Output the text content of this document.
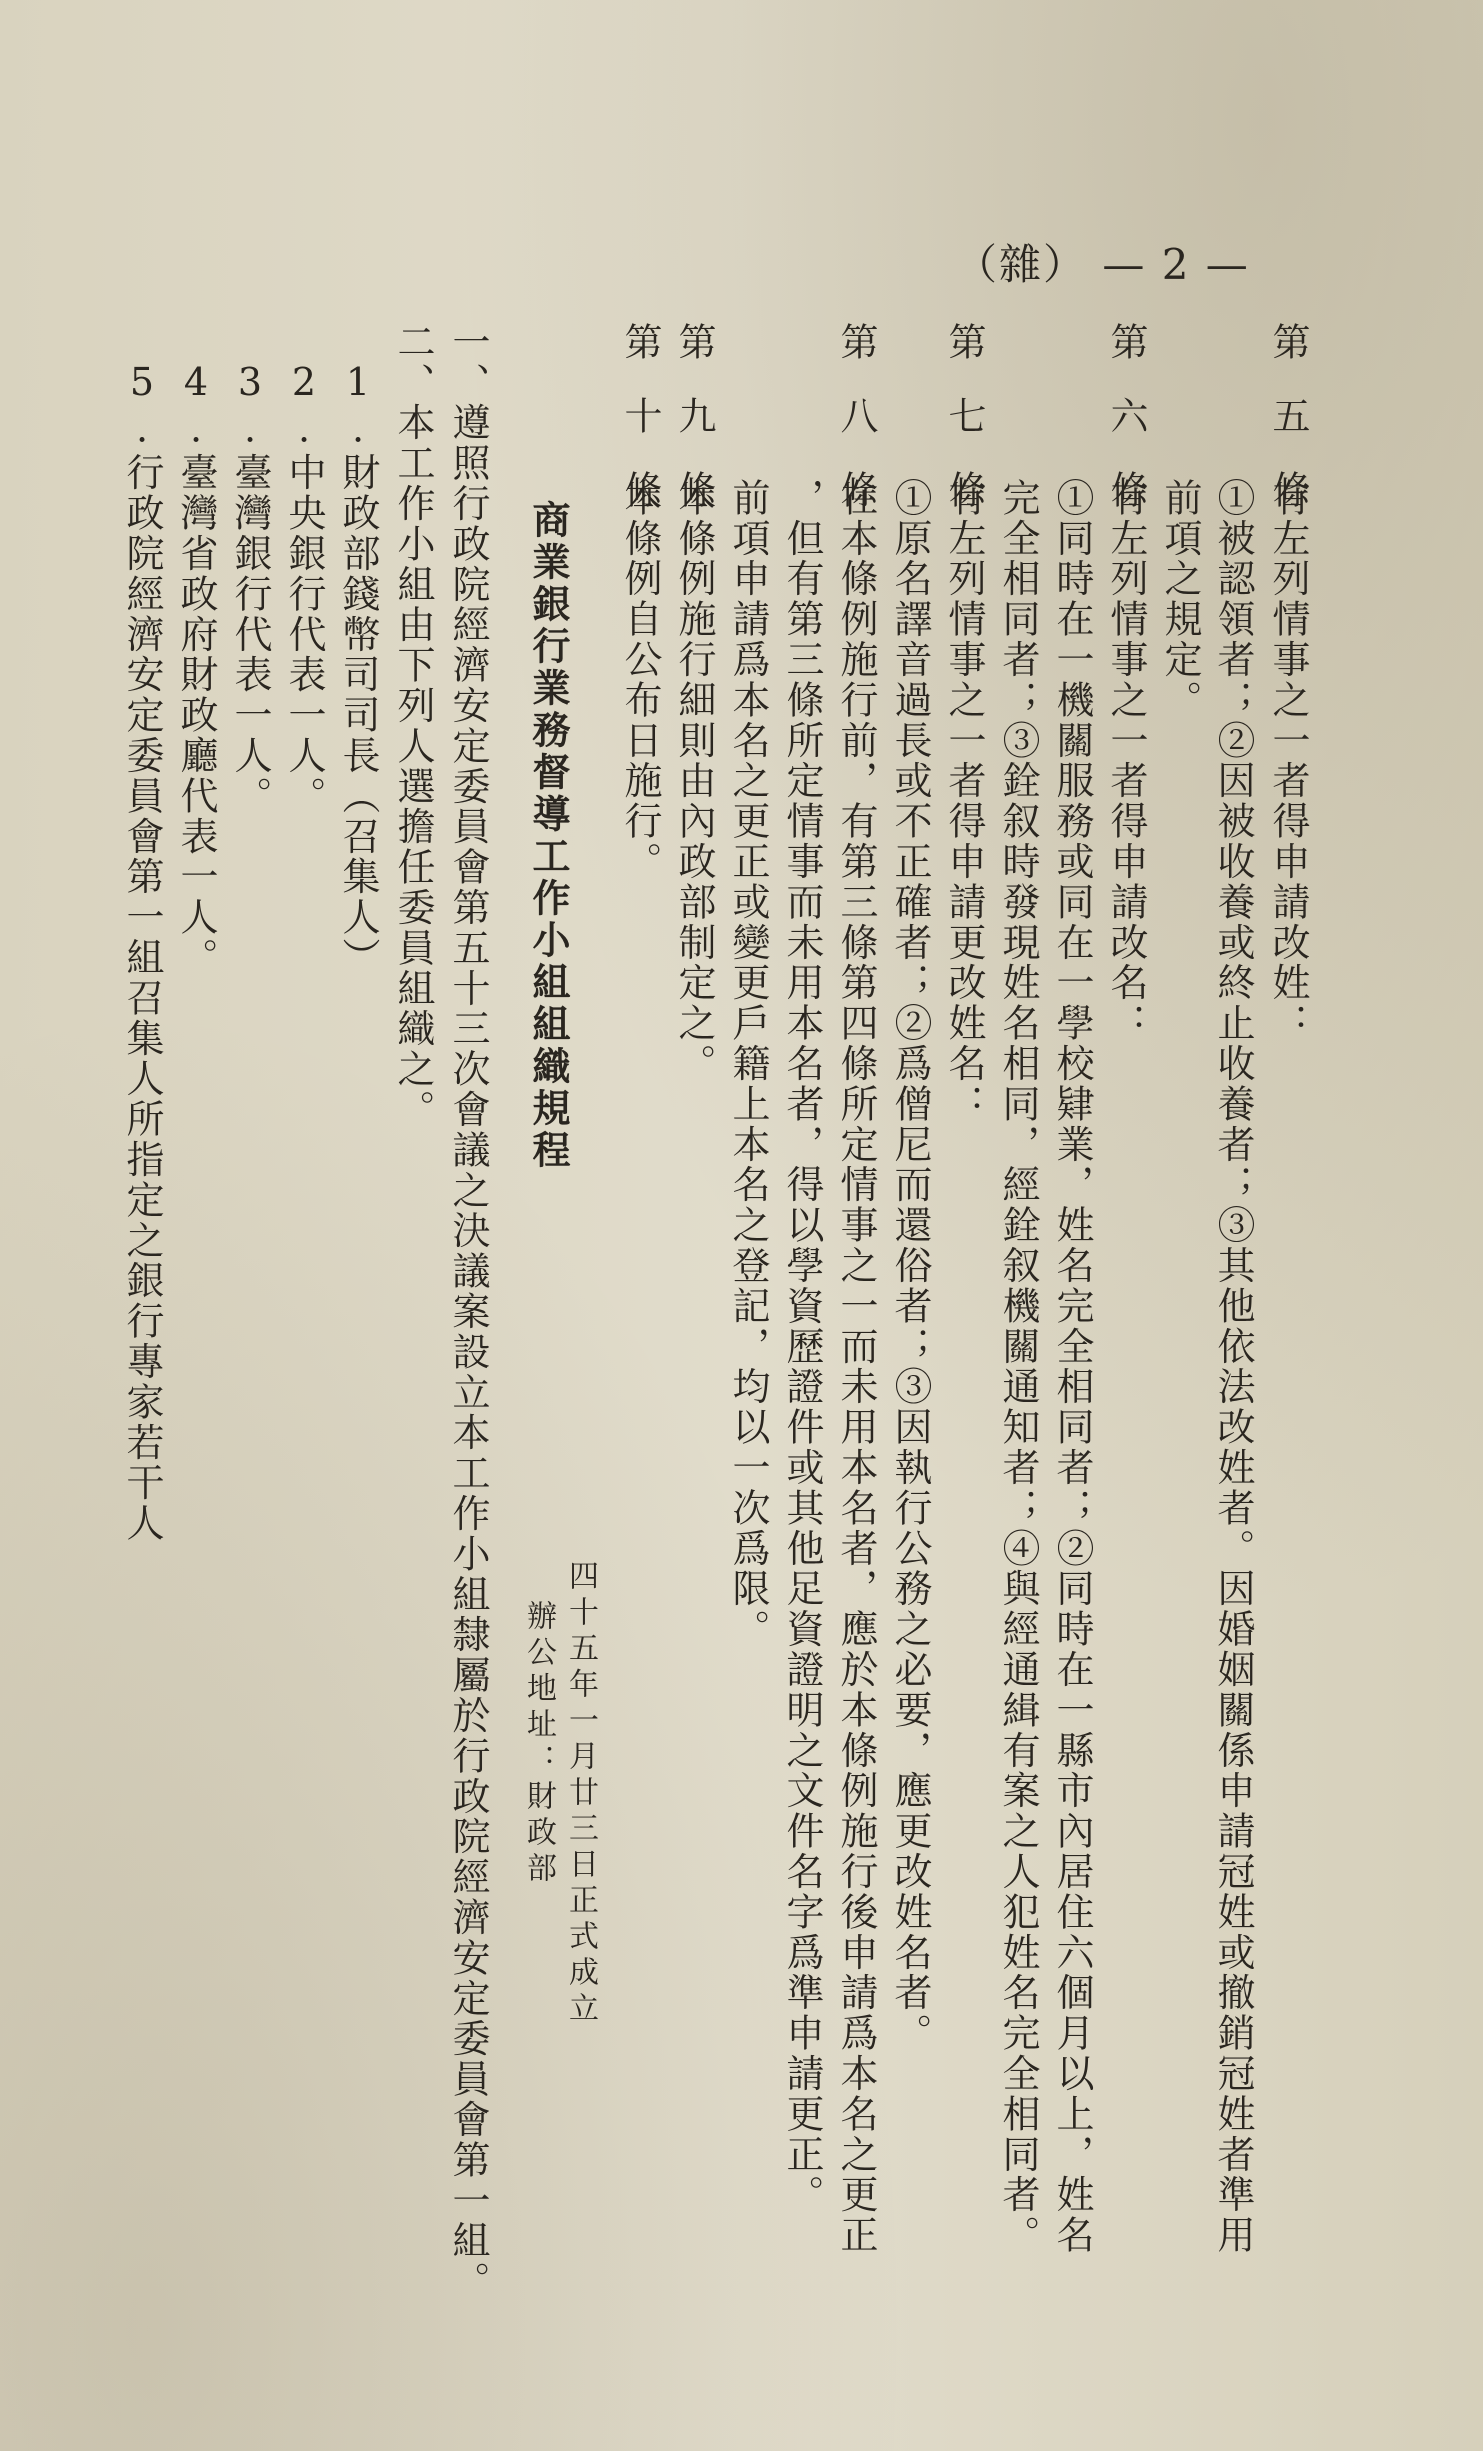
（雜） — 2 —
第五條
有左列情事之一者得申請改姓：
①被認領者；②因被收養或終止收養者；③其他依法改姓者。因婚姻關係申請冠姓或撤銷冠姓者準用
前項之規定。
第六條
有左列情事之一者得申請改名：
①同時在一機關服務或同在一學校肄業，姓名完全相同者；②同時在一縣市內居住六個月以上，姓名
完全相同者；③銓叙時發現姓名相同，經銓叙機關通知者；④與經通緝有案之人犯姓名完全相同者。
第七條
有左列情事之一者得申請更改姓名：
①原名譯音過長或不正確者；②爲僧尼而還俗者；③因執行公務之必要，應更改姓名者。
第八條
在本條例施行前，有第三條第四條所定情事之一而未用本名者，應於本條例施行後申請爲本名之更正
，但有第三條所定情事而未用本名者，得以學資歷證件或其他足資證明之文件名字爲準申請更正。
前項申請爲本名之更正或變更戶籍上本名之登記，均以一次爲限。
第九條
本條例施行細則由內政部制定之。
第十條
本條例自公布日施行。
四十五年一月廿三日正式成立
辦公地址：財政部
商業銀行業務督導工作小組組織規程
一、遵照行政院經濟安定委員會第五十三次會議之決議案設立本工作小組隸屬於行政院經濟安定委員會第一組。
二、本工作小組由下列人選擔任委員組織之。
1.財政部錢幣司司長（召集人）
2.中央銀行代表一人。
3.臺灣銀行代表一人。
4.臺灣省政府財政廳代表一人。
5.行政院經濟安定委員會第一組召集人所指定之銀行專家若干人
